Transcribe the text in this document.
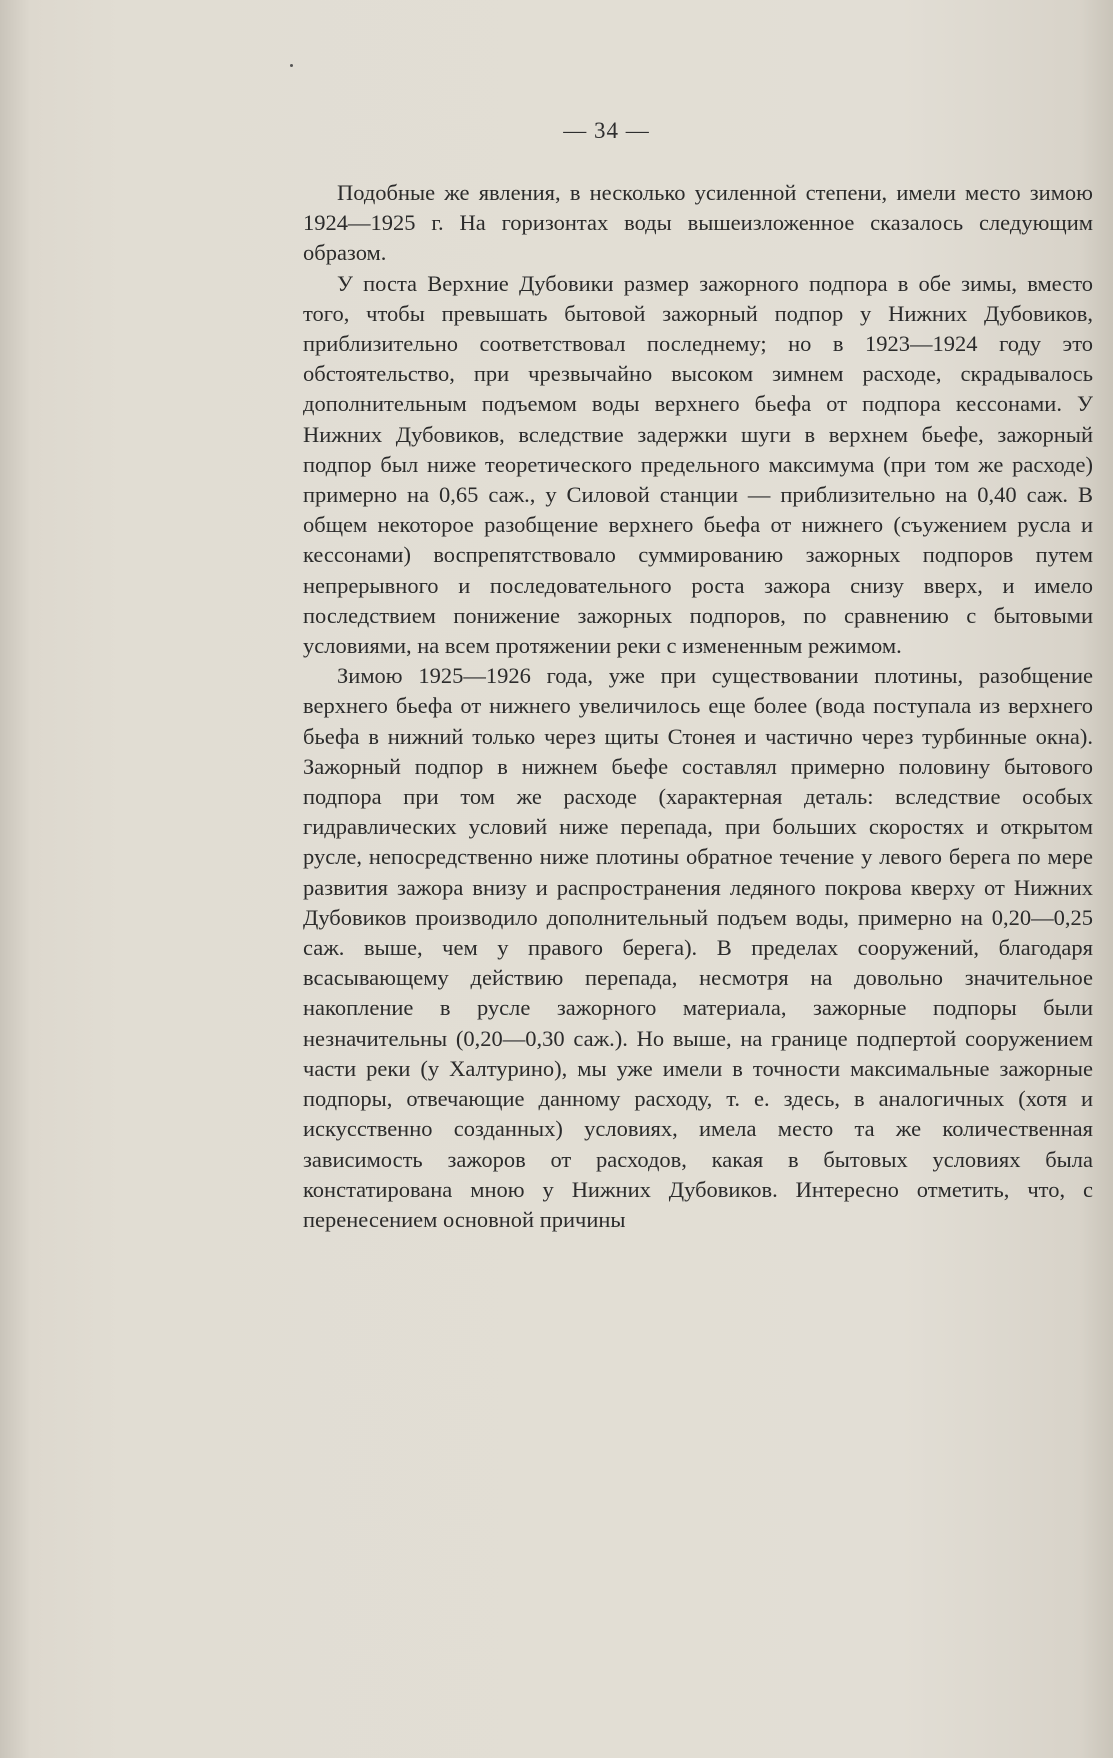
— 34 —

Подобные же явления, в несколько усиленной степени, имели место зимою 1924—1925 г. На горизонтах воды вышеизложенное сказалось следующим образом.

У поста Верхние Дубовики размер зажорного подпора в обе зимы, вместо того, чтобы превышать бытовой зажорный подпор у Нижних Дубовиков, приблизительно соответствовал последнему; но в 1923—1924 году это обстоятельство, при чрезвычайно высоком зимнем расходе, скрадывалось дополнительным подъемом воды верхнего бьефа от подпора кессонами. У Нижних Дубовиков, вследствие задержки шуги в верхнем бьефе, зажорный подпор был ниже теоретического предельного максимума (при том же расходе) примерно на 0,65 саж., у Силовой станции — приблизительно на 0,40 саж. В общем некоторое разобщение верхнего бьефа от нижнего (съужением русла и кессонами) воспрепятствовало суммированию зажорных подпоров путем непрерывного и последовательного роста зажора снизу вверх, и имело последствием понижение зажорных подпоров, по сравнению с бытовыми условиями, на всем протяжении реки с измененным режимом.

Зимою 1925—1926 года, уже при существовании плотины, разобщение верхнего бьефа от нижнего увеличилось еще более (вода поступала из верхнего бьефа в нижний только через щиты Стонея и частично через турбинные окна). Зажорный подпор в нижнем бьефе составлял примерно половину бытового подпора при том же расходе (характерная деталь: вследствие особых гидравлических условий ниже перепада, при больших скоростях и открытом русле, непосредственно ниже плотины обратное течение у левого берега по мере развития зажора внизу и распространения ледяного покрова кверху от Нижних Дубовиков производило дополнительный подъем воды, примерно на 0,20—0,25 саж. выше, чем у правого берега). В пределах сооружений, благодаря всасывающему действию перепада, несмотря на довольно значительное накопление в русле зажорного материала, зажорные подпоры были незначительны (0,20—0,30 саж.). Но выше, на границе подпертой сооружением части реки (у Халтурино), мы уже имели в точности максимальные зажорные подпоры, отвечающие данному расходу, т. е. здесь, в аналогичных (хотя и искусственно созданных) условиях, имела место та же количественная зависимость зажоров от расходов, какая в бытовых условиях была констатирована мною у Нижних Дубовиков. Интересно отметить, что, с перенесением основной причины
